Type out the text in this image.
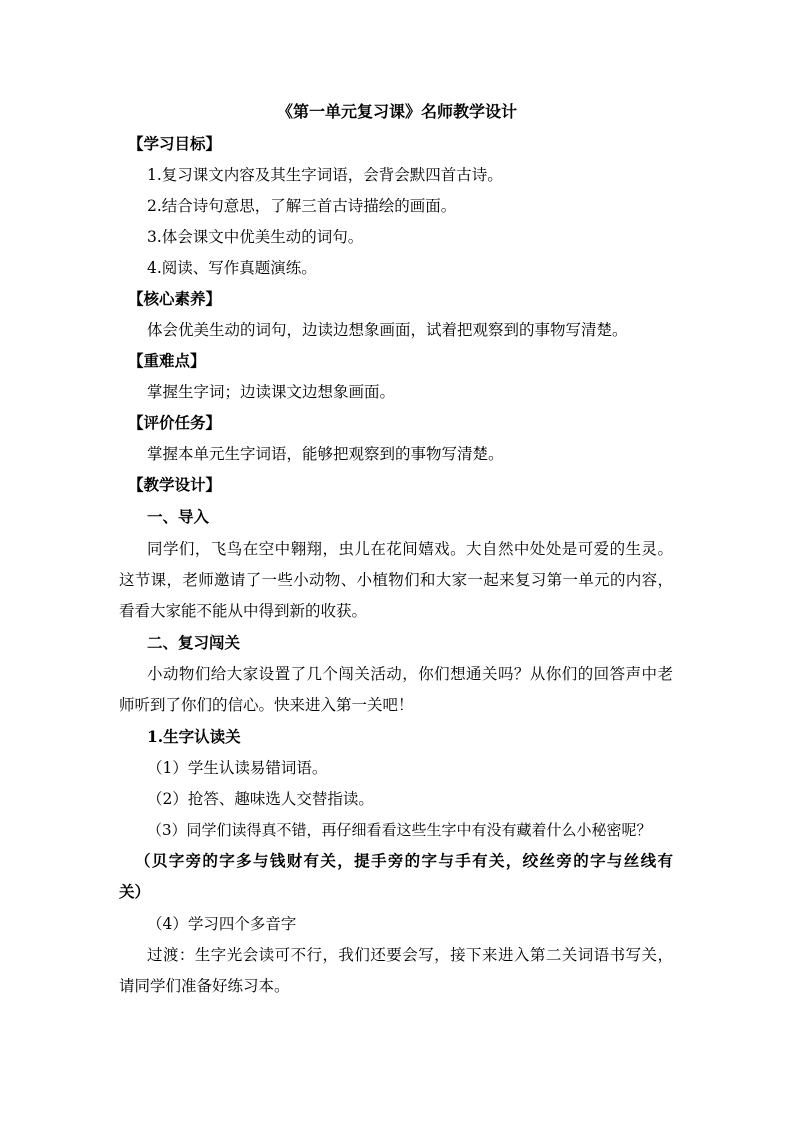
《第一单元复习课》名师教学设计
【学习目标】
1.复习课文内容及其生字词语，会背会默四首古诗。
2.结合诗句意思，了解三首古诗描绘的画面。
3.体会课文中优美生动的词句。
4.阅读、写作真题演练。
【核心素养】
体会优美生动的词句，边读边想象画面，试着把观察到的事物写清楚。
【重难点】
掌握生字词；边读课文边想象画面。
【评价任务】
掌握本单元生字词语，能够把观察到的事物写清楚。
【教学设计】
一、导入
同学们，飞鸟在空中翱翔，虫儿在花间嬉戏。大自然中处处是可爱的生灵。
这节课，老师邀请了一些小动物、小植物们和大家一起来复习第一单元的内容，
看看大家能不能从中得到新的收获。
二、复习闯关
小动物们给大家设置了几个闯关活动，你们想通关吗？从你们的回答声中老
师听到了你们的信心。快来进入第一关吧！
1.生字认读关
（1）学生认读易错词语。
（2）抢答、趣味选人交替指读。
（3）同学们读得真不错，再仔细看看这些生字中有没有藏着什么小秘密呢？
（贝字旁的字多与钱财有关，提手旁的字与手有关，绞丝旁的字与丝线有
关）
（4）学习四个多音字
过渡：生字光会读可不行，我们还要会写，接下来进入第二关词语书写关，
请同学们准备好练习本。
